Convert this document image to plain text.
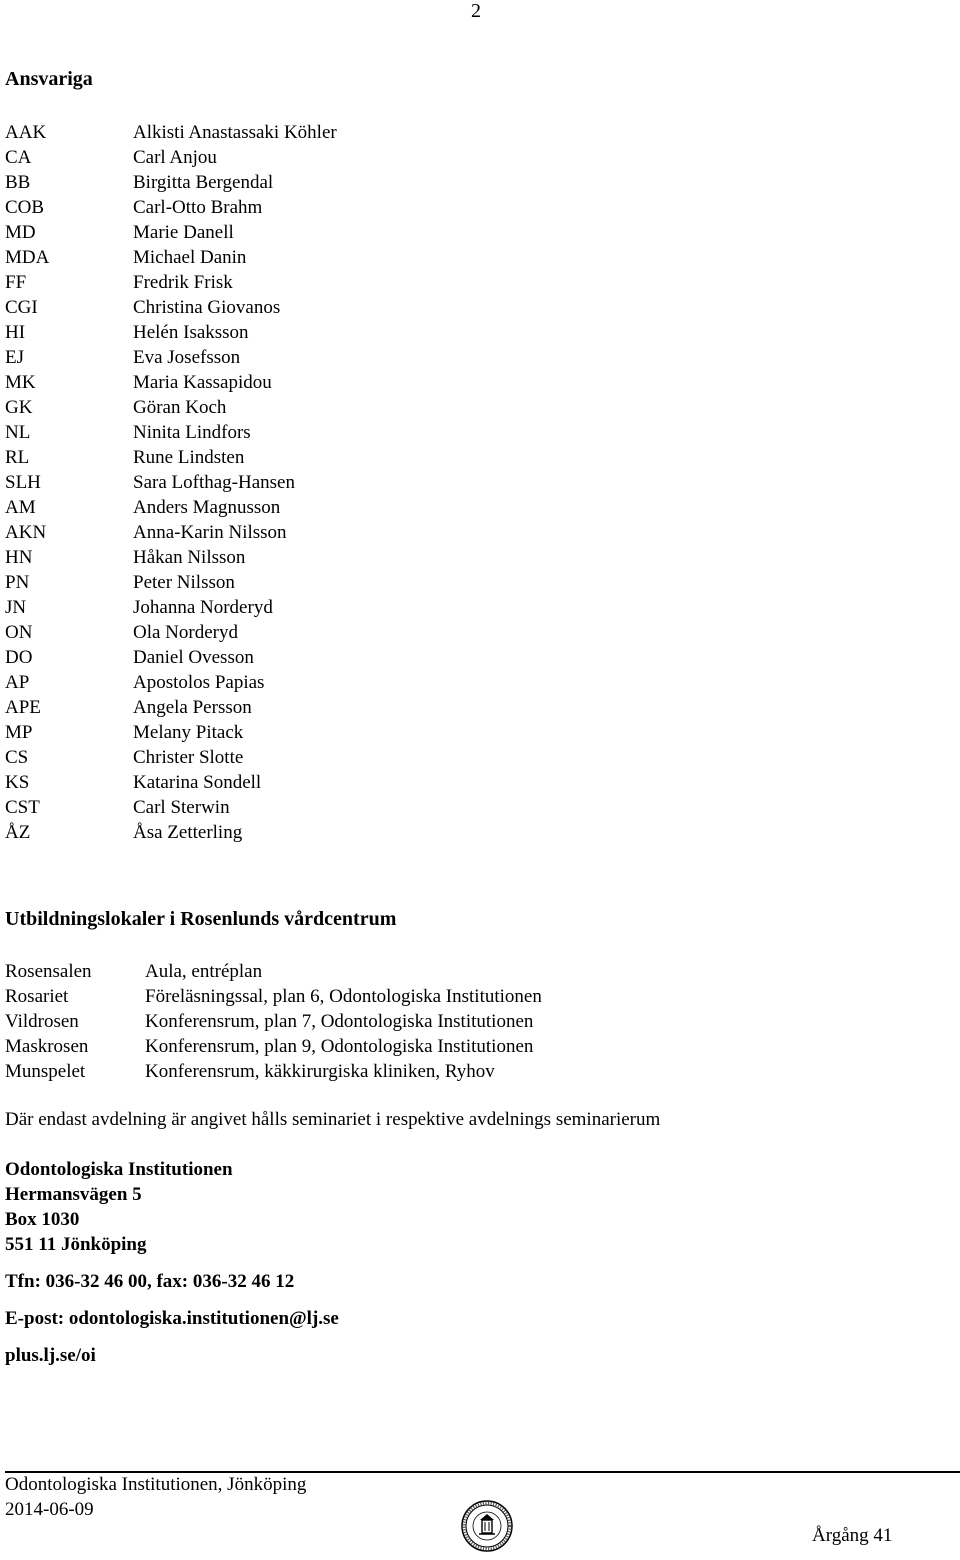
2
Ansvariga
AAK	Alkisti Anastassaki Köhler
CA	Carl Anjou
BB	Birgitta Bergendal
COB	Carl-Otto Brahm
MD	Marie Danell
MDA	Michael Danin
FF	Fredrik Frisk
CGI	Christina Giovanos
HI	Helén Isaksson
EJ	Eva Josefsson
MK	Maria Kassapidou
GK	Göran Koch
NL	Ninita Lindfors
RL	Rune Lindsten
SLH	Sara Lofthag-Hansen
AM	Anders Magnusson
AKN	Anna-Karin Nilsson
HN	Håkan Nilsson
PN	Peter Nilsson
JN	Johanna Norderyd
ON	Ola Norderyd
DO	Daniel Ovesson
AP	Apostolos Papias
APE	Angela Persson
MP	Melany Pitack
CS	Christer Slotte
KS	Katarina Sondell
CST	Carl Sterwin
ÅZ	Åsa Zetterling
Utbildningslokaler i Rosenlunds vårdcentrum
Rosensalen	Aula, entréplan
Rosariet	Föreläsningssal, plan 6, Odontologiska Institutionen
Vildrosen	Konferensrum, plan 7, Odontologiska Institutionen
Maskrosen	Konferensrum, plan 9, Odontologiska Institutionen
Munspelet	Konferensrum, käkkirurgiska kliniken, Ryhov
Där endast avdelning är angivet hålls seminariet i respektive avdelnings seminarierum
Odontologiska Institutionen
Hermansvägen 5
Box 1030
551 11 Jönköping
Tfn: 036-32 46 00, fax: 036-32 46 12
E-post: odontologiska.institutionen@lj.se
plus.lj.se/oi
Odontologiska Institutionen, Jönköping
2014-06-09
Årgång 41
